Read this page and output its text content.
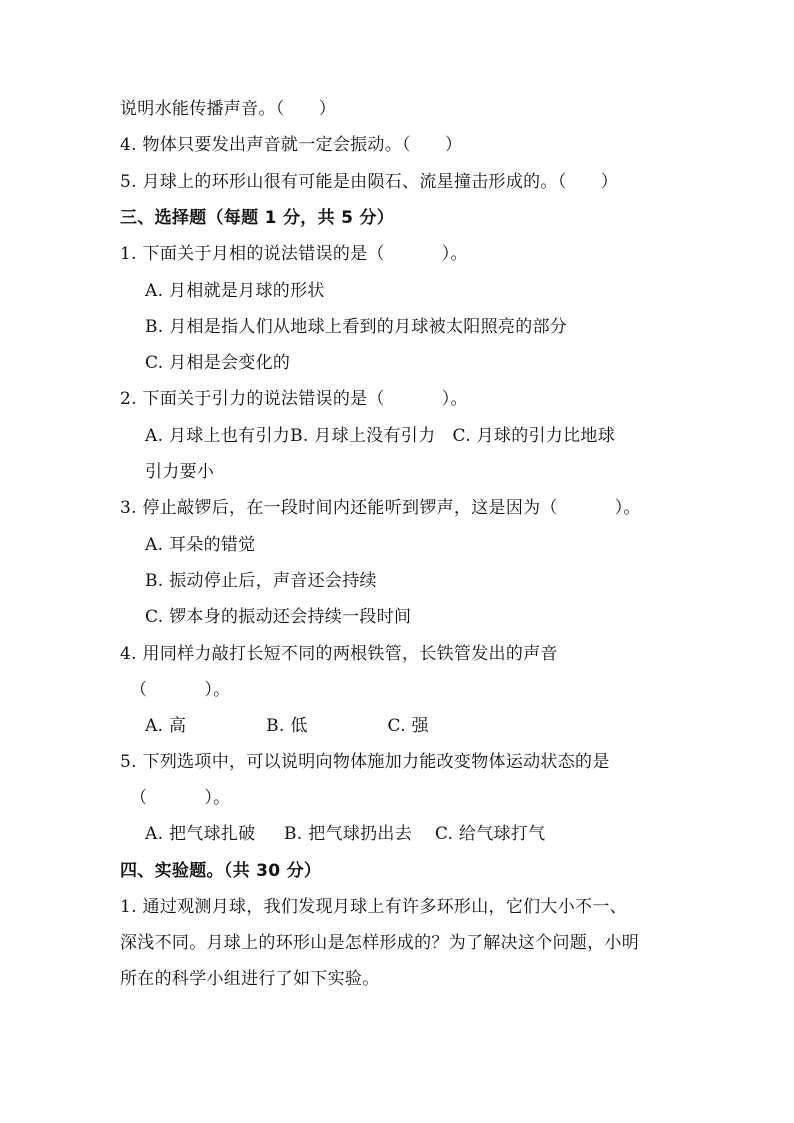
说明水能传播声音。（      ）
4. 物体只要发出声音就一定会振动。（      ）
5. 月球上的环形山很有可能是由陨石、流星撞击形成的。（      ）
三、选择题（每题 1 分，共 5 分）
1. 下面关于月相的说法错误的是（          ）。
A. 月相就是月球的形状
B. 月相是指人们从地球上看到的月球被太阳照亮的部分
C. 月相是会变化的
2. 下面关于引力的说法错误的是（          ）。
A. 月球上也有引力B. 月球上没有引力   C. 月球的引力比地球
引力要小
3. 停止敲锣后，在一段时间内还能听到锣声，这是因为（          ）。
A. 耳朵的错觉
B. 振动停止后，声音还会持续
C. 锣本身的振动还会持续一段时间
4. 用同样力敲打长短不同的两根铁管，长铁管发出的声音
（          ）。
A. 高              B. 低              C. 强
5. 下列选项中，可以说明向物体施加力能改变物体运动状态的是
（          ）。
A. 把气球扎破     B. 把气球扔出去    C. 给气球打气
四、实验题。（共 30 分）
1. 通过观测月球，我们发现月球上有许多环形山，它们大小不一、
深浅不同。月球上的环形山是怎样形成的？为了解决这个问题，小明
所在的科学小组进行了如下实验。
